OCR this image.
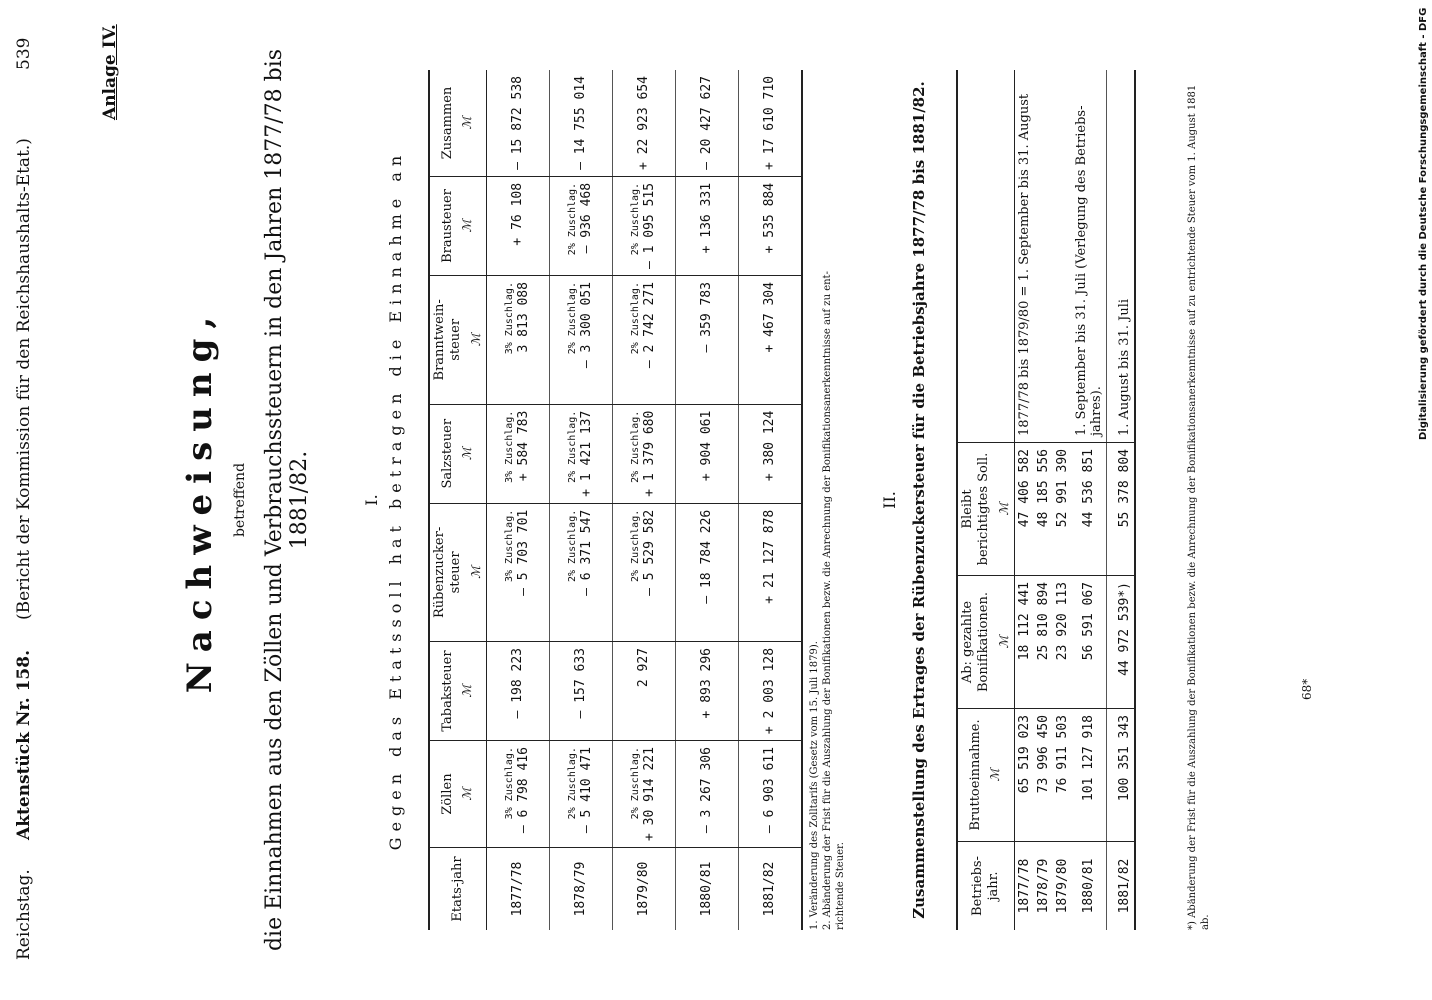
Reichstag.
Aktenstück Nr. 158.
(Bericht der Kommission für den Reichshaushalts-Etat.)
539	Anlage IV.
Nachweisung, betreffend die Einnahmen aus den Zöllen und Verbrauchssteuern in den Jahren 1877/78 bis 1881/82.	I. Gegen das Etatssoll hat betragen die Einnahme an
Etats-jahr	Zöllen ℳ	Tabaksteuer ℳ	Rübenzucker-steuer ℳ	Salzsteuer ℳ	Branntwein-steuer ℳ	Brausteuer ℳ	Zusammen ℳ

1877/78	3% Zuschlag. — 6 798 416	— 198 223	3% Zuschlag. — 5 703 701	3% Zuschlag. + 584 783	3% Zuschlag. 3 813 088	+ 76 108	— 15 872 538
1878/79	2% Zuschlag. — 5 410 471	— 157 633	2% Zuschlag. — 6 371 547	2% Zuschlag. + 1 421 137	2% Zuschlag. — 3 300 051	2% Zuschlag. — 936 468	— 14 755 014
1879/80	2% Zuschlag. + 30 914 221	2 927	2% Zuschlag. — 5 529 582	2% Zuschlag. + 1 379 680	2% Zuschlag. — 2 742 271	2% Zuschlag. — 1 095 515	+ 22 923 654
1880/81	— 3 267 306	+ 893 296	— 18 784 226	+ 904 061	— 359 783	+ 136 331	— 20 427 627
1881/82	— 6 903 611	+ 2 003 128	+ 21 127 878	+ 380 124	+ 467 304	+ 535 884	+ 17 610 710
1. Veränderung des Zolltarifs (Gesetz vom 15. Juli 1879). 2. Abänderung der Frist für die Auszahlung der Bonifikationen bezw. die Anrechnung der Bonifikationsanerkenntnisse auf zu ent- richtende Steuer.
II. Zusammenstellung des Ertrages der Rübenzuckersteuer für die Betriebsjahre 1877/78 bis 1881/82.	Betriebs-jahr.	Bruttoeinnahme. ℳ	Ab: gezahlte Bonifikationen. ℳ	Bleibt berichtigtes Soll. ℳ	

1877/78	65 519 023	18 112 441	47 406 582	1877/78 bis 1879/80 = 1. September bis 31. August
1878/79	73 996 450	25 810 894	48 185 556	
1879/80	76 911 503	23 920 113	52 991 390	
1880/81	101 127 918	56 591 067	44 536 851	1. September bis 31. Juli (Verlegung des Betriebs-jahres).
1881/82	100 351 343	44 972 539*)	55 378 804	1. August bis 31. Juli	*) Abänderung der Frist für die Auszahlung der Bonifikationen bezw. die Anrechnung der Bonifikationsanerkenntnisse auf zu entrichtende Steuer vom 1. August 1881 ab.
68*
Digitalisierung gefördert durch die Deutsche Forschungsgemeinschaft - DFG
